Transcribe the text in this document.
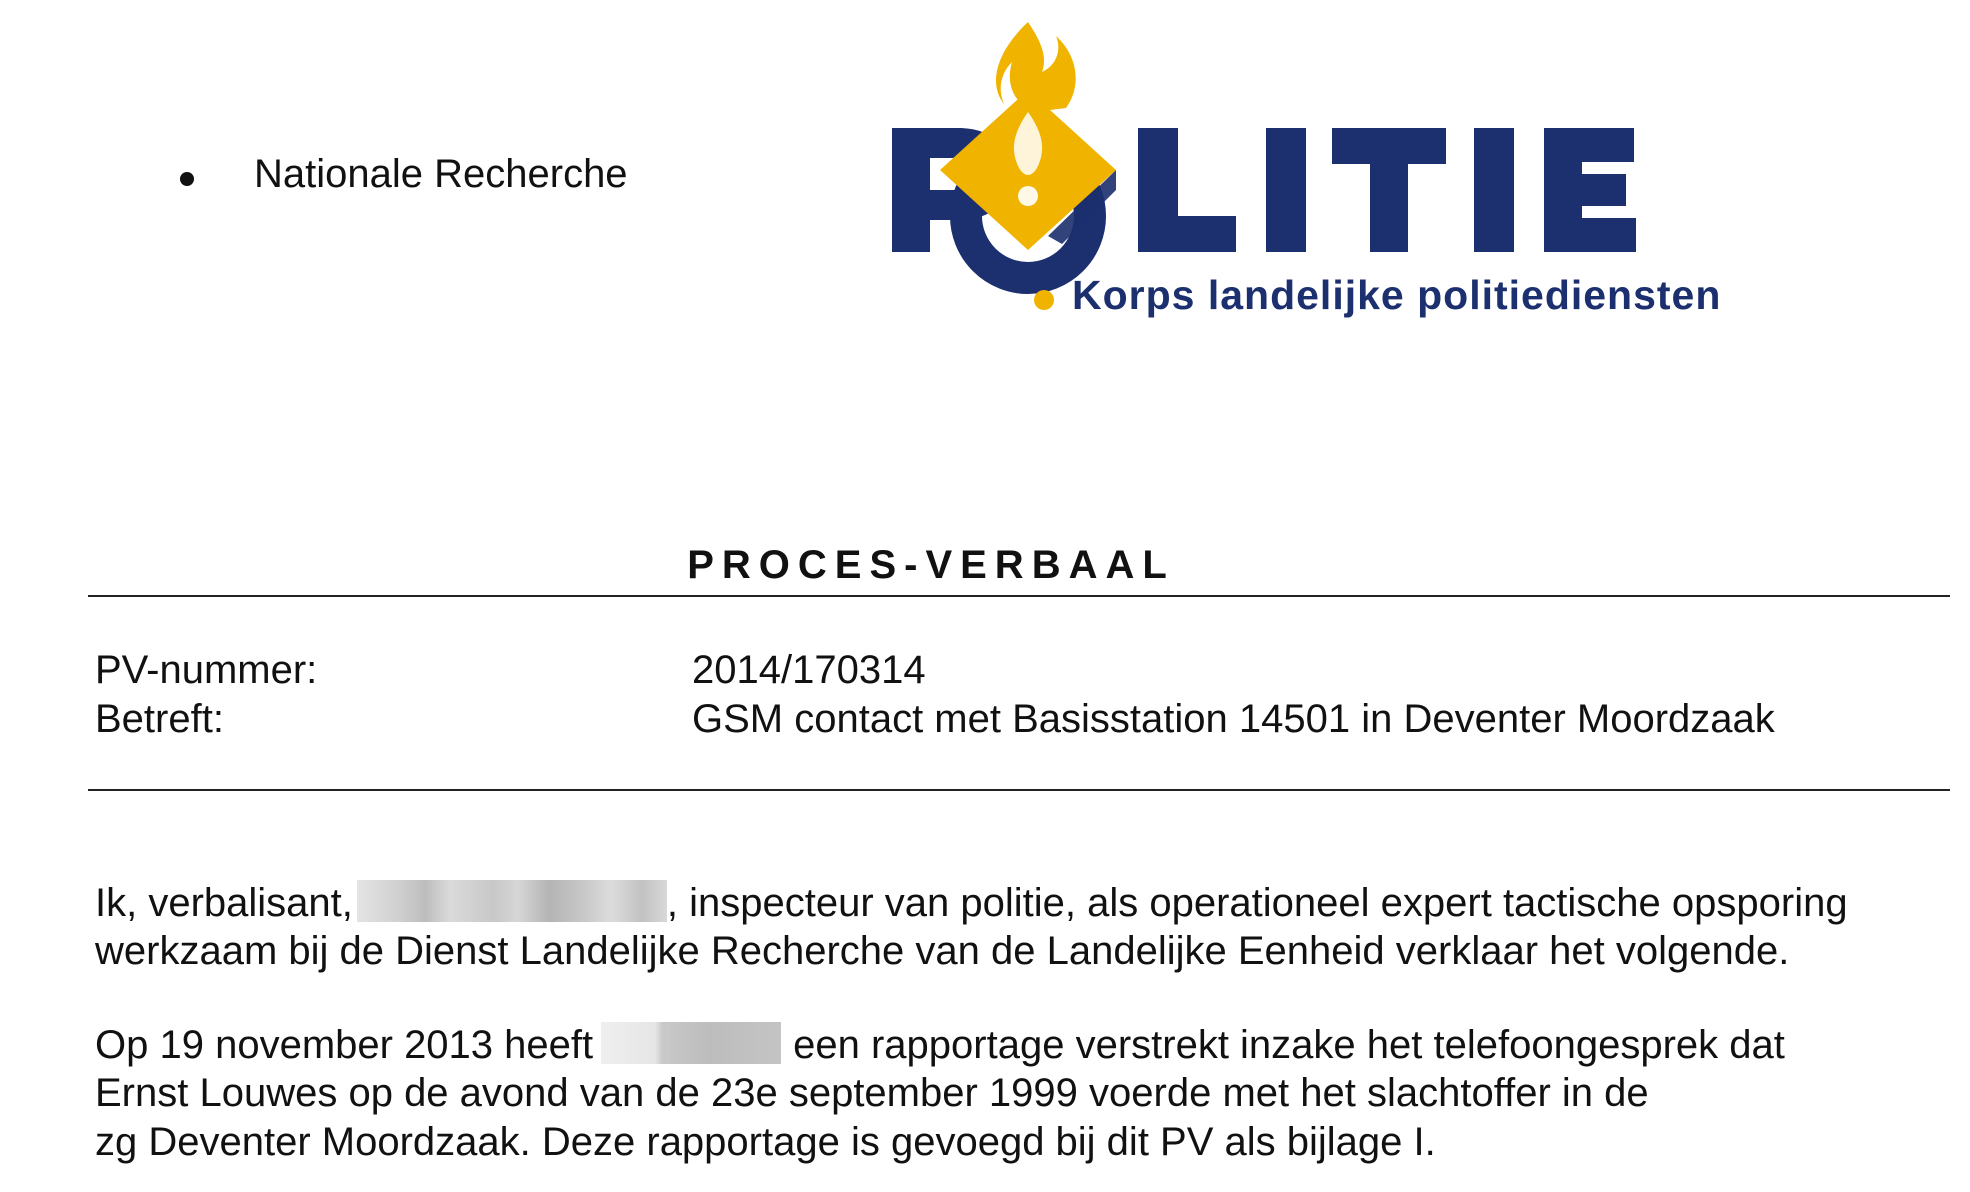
Nationale Recherche
Korps landelijke politiediensten
PROCES-VERBAAL
PV-nummer:	2014/170314
Betreft:	GSM contact met Basisstation 14501 in Deventer Moordzaak
Ik, verbalisant,	, inspecteur van politie, als operationeel expert tactische opsporing
werkzaam bij de Dienst Landelijke Recherche van de Landelijke Eenheid verklaar het volgende.
Op 19 november 2013 heeft	een rapportage verstrekt inzake het telefoongesprek dat
Ernst Louwes op de avond van de 23e september 1999 voerde met het slachtoffer in de
zg Deventer Moordzaak. Deze rapportage is gevoegd bij dit PV als bijlage I.
